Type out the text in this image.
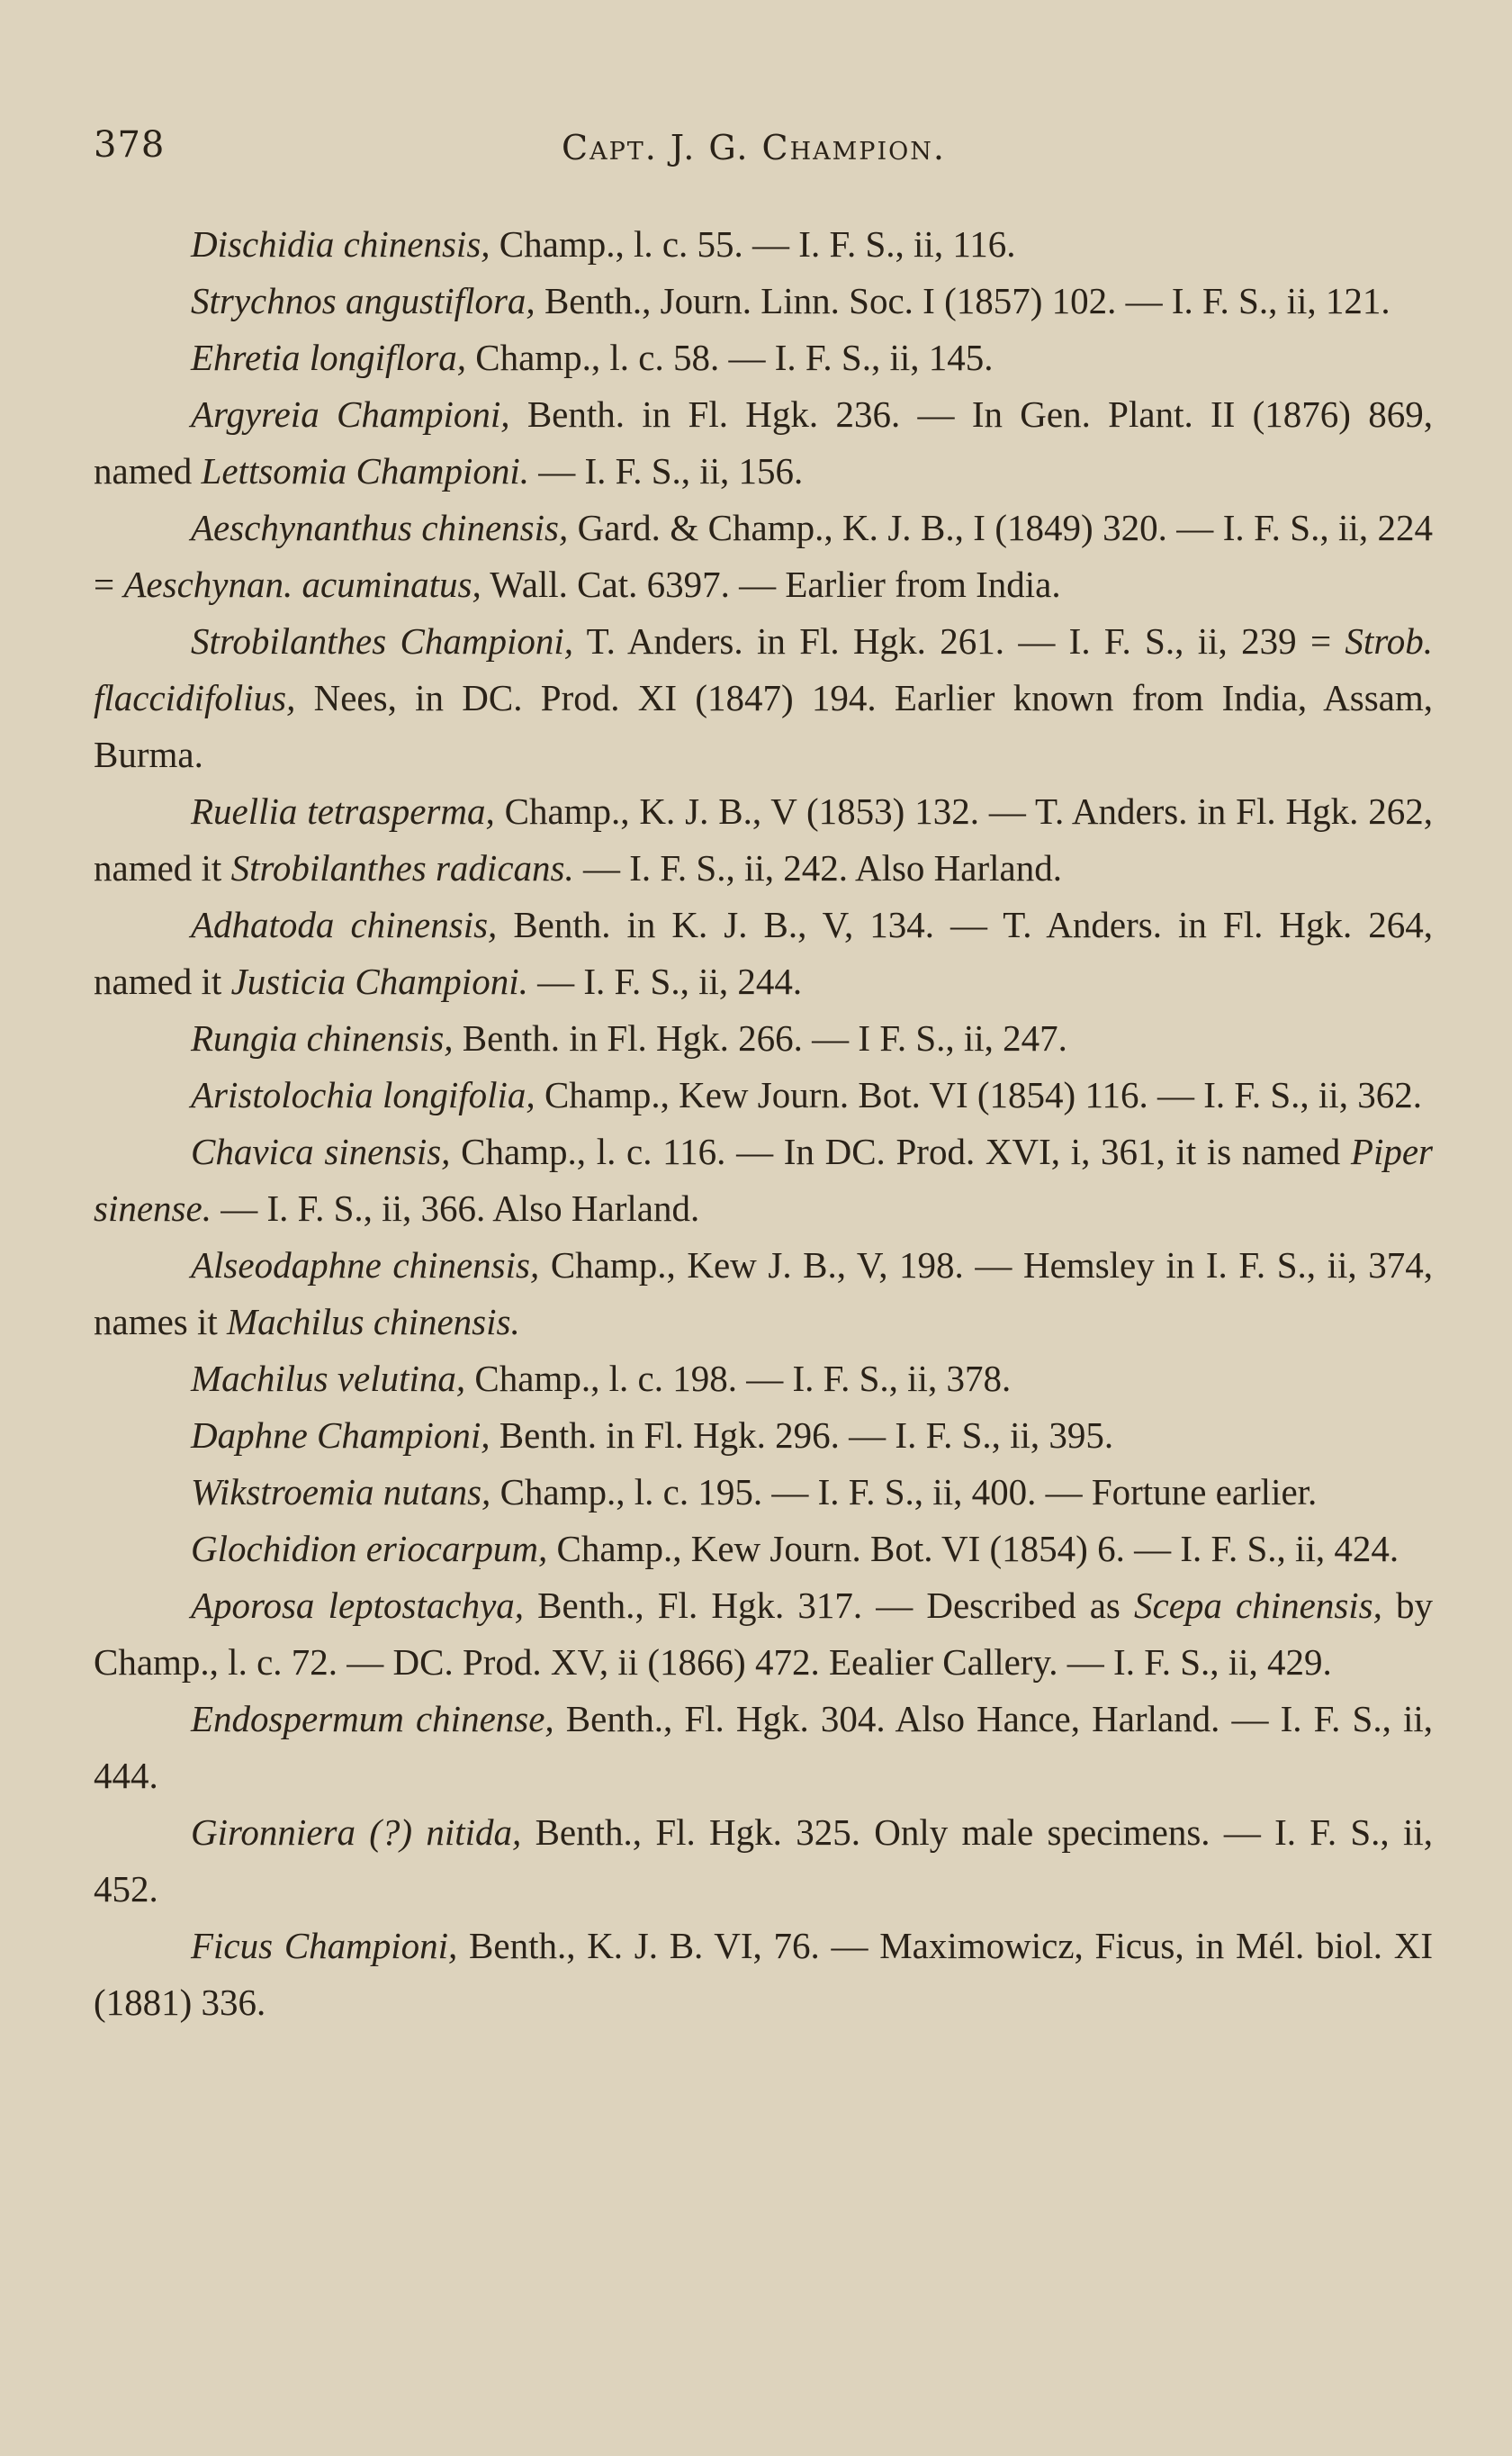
378	Capt. J. G. Champion.

Dischidia chinensis, Champ., l. c. 55. — I. F. S., ii, 116.

Strychnos angustiflora, Benth., Journ. Linn. Soc. I (1857) 102. — I. F. S., ii, 121.

Ehretia longiflora, Champ., l. c. 58. — I. F. S., ii, 145.

Argyreia Championi, Benth. in Fl. Hgk. 236. — In Gen. Plant. II (1876) 869, named Lettsomia Championi. — I. F. S., ii, 156.

Aeschynanthus chinensis, Gard. & Champ., K. J. B., I (1849) 320. — I. F. S., ii, 224 = Aeschynan. acuminatus, Wall. Cat. 6397. — Earlier from India.

Strobilanthes Championi, T. Anders. in Fl. Hgk. 261. — I. F. S., ii, 239 = Strob. flaccidifolius, Nees, in DC. Prod. XI (1847) 194. Earlier known from India, Assam, Burma.

Ruellia tetrasperma, Champ., K. J. B., V (1853) 132. — T. Anders. in Fl. Hgk. 262, named it Strobilanthes radicans. — I. F. S., ii, 242. Also Harland.

Adhatoda chinensis, Benth. in K. J. B., V, 134. — T. Anders. in Fl. Hgk. 264, named it Justicia Championi. — I. F. S., ii, 244.

Rungia chinensis, Benth. in Fl. Hgk. 266. — I F. S., ii, 247.

Aristolochia longifolia, Champ., Kew Journ. Bot. VI (1854) 116. — I. F. S., ii, 362.

Chavica sinensis, Champ., l. c. 116. — In DC. Prod. XVI, i, 361, it is named Piper sinense. — I. F. S., ii, 366. Also Harland.

Alseodaphne chinensis, Champ., Kew J. B., V, 198. — Hemsley in I. F. S., ii, 374, names it Machilus chinensis.

Machilus velutina, Champ., l. c. 198. — I. F. S., ii, 378.

Daphne Championi, Benth. in Fl. Hgk. 296. — I. F. S., ii, 395.

Wikstroemia nutans, Champ., l. c. 195. — I. F. S., ii, 400. — Fortune earlier.

Glochidion eriocarpum, Champ., Kew Journ. Bot. VI (1854) 6. — I. F. S., ii, 424.

Aporosa leptostachya, Benth., Fl. Hgk. 317. — Described as Scepa chinensis, by Champ., l. c. 72. — DC. Prod. XV, ii (1866) 472. Eealier Callery. — I. F. S., ii, 429.

Endospermum chinense, Benth., Fl. Hgk. 304. Also Hance, Harland. — I. F. S., ii, 444.

Gironniera (?) nitida, Benth., Fl. Hgk. 325. Only male specimens. — I. F. S., ii, 452.

Ficus Championi, Benth., K. J. B. VI, 76. — Maximowicz, Ficus, in Mél. biol. XI (1881) 336.
